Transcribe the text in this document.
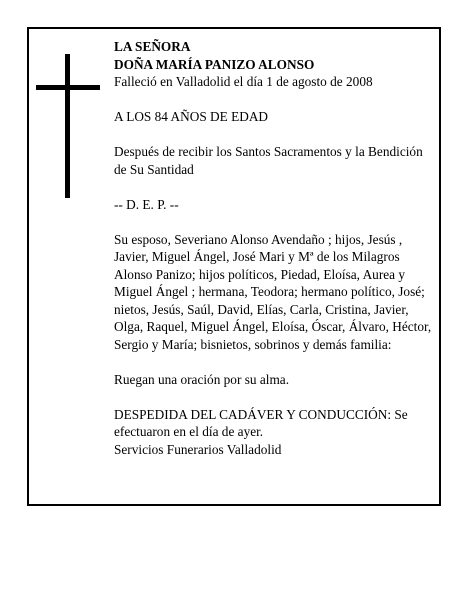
LA SEÑORA

DOÑA MARÍA PANIZO ALONSO

Falleció en Valladolid el día 1 de agosto de 2008

A LOS 84 AÑOS DE EDAD

Después de recibir los Santos Sacramentos y la Bendición de Su Santidad

-- D. E. P. --

Su esposo, Severiano Alonso Avendaño ; hijos, Jesús , Javier, Miguel Ángel, José Mari y Mª de los Milagros Alonso Panizo; hijos políticos, Piedad, Eloísa, Aurea y Miguel Ángel ; hermana, Teodora; hermano político, José; nietos, Jesús, Saúl, David, Elías, Carla, Cristina, Javier, Olga, Raquel, Miguel Ángel, Eloísa, Óscar, Álvaro, Héctor, Sergio y María; bisnietos, sobrinos y demás familia:

Ruegan una oración por su alma.

DESPEDIDA DEL CADÁVER Y CONDUCCIÓN: Se efectuaron en el día de ayer.

Servicios Funerarios Valladolid
